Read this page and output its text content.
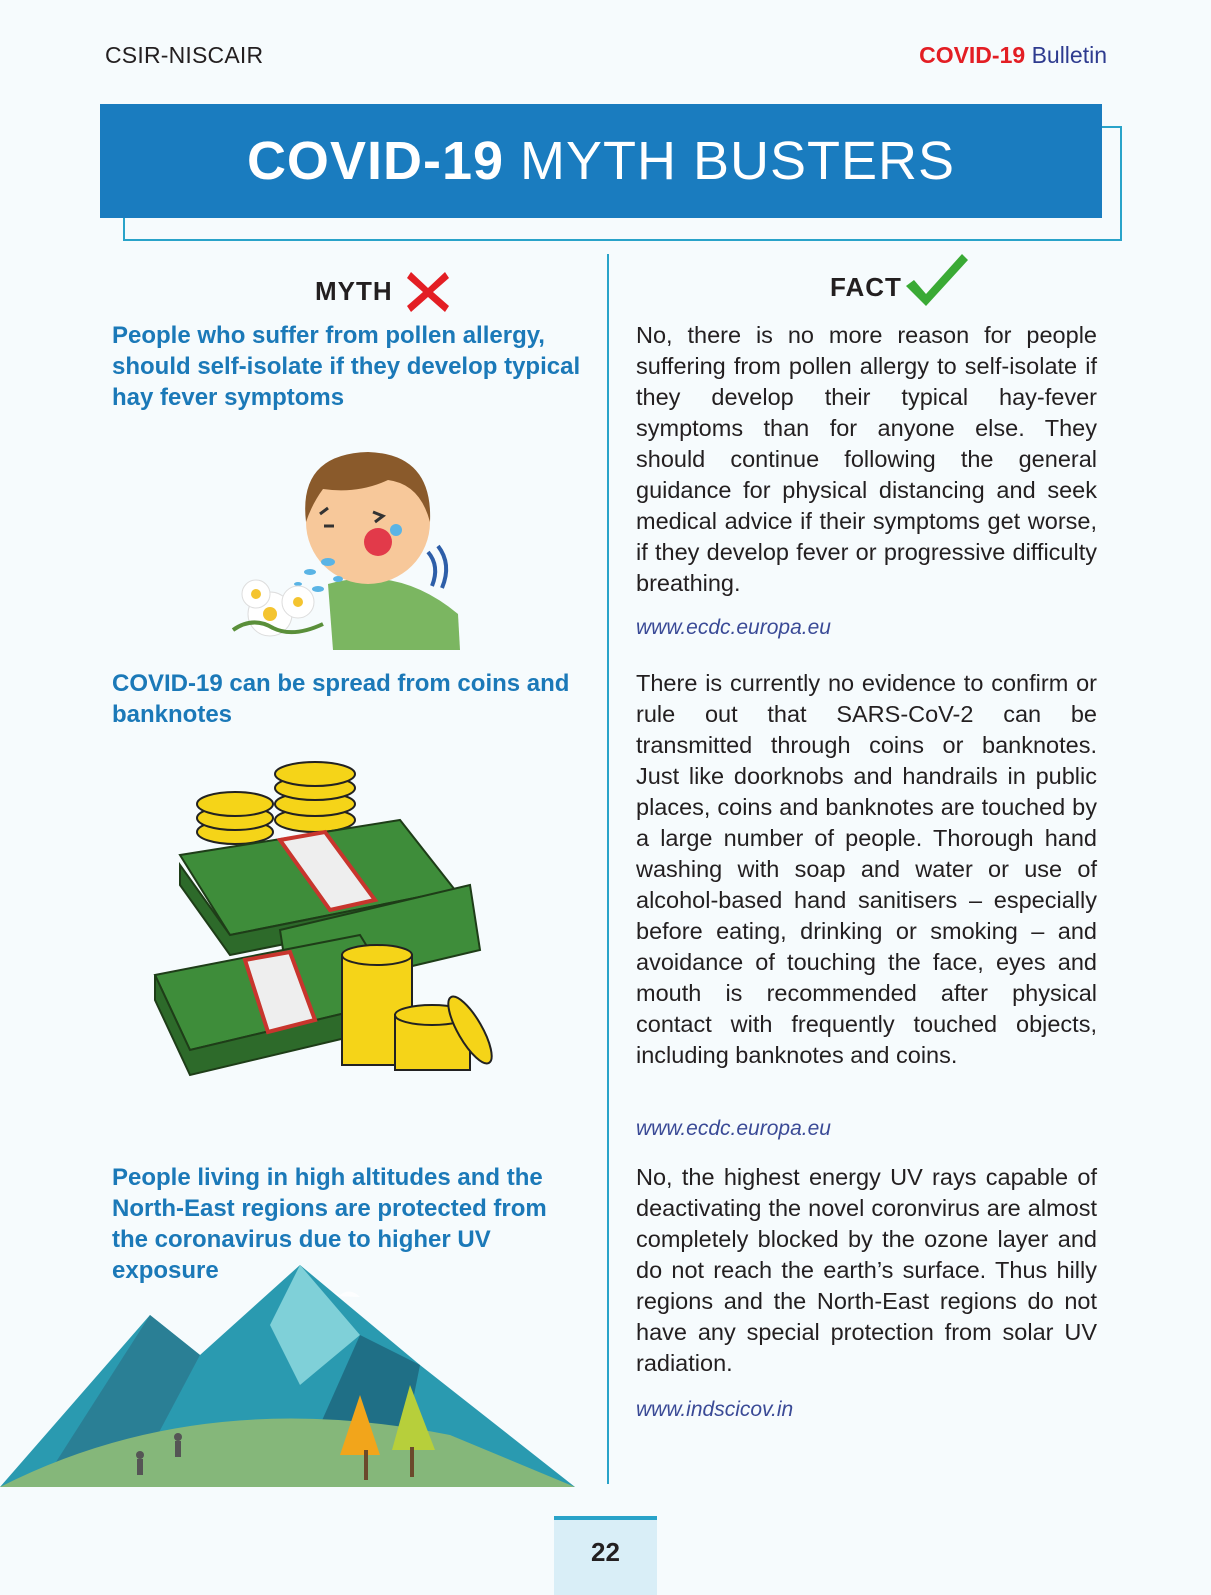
CSIR-NISCAIR	COVID-19 Bulletin
COVID-19 MYTH BUSTERS
MYTH	FACT
People who suffer from pollen allergy, should self-isolate if they develop typical hay fever symptoms
No, there is no more reason for people suffering from pollen allergy to self-isolate if they develop their typical hay-fever symptoms than for anyone else. They should continue following the general guidance for physical distancing and seek medical advice if their symptoms get worse, if they develop fever or progressive difficulty breathing.
www.ecdc.europa.eu
COVID-19 can be spread from coins and banknotes
There is currently no evidence to confirm or rule out that SARS-CoV-2 can be transmitted through coins or banknotes. Just like doorknobs and handrails in public places, coins and banknotes are touched by a large number of people. Thorough hand washing with soap and water or use of alcohol-based hand sanitisers – especially before eating, drinking or smoking – and avoidance of touching the face, eyes and mouth is recommended after physical contact with frequently touched objects, including banknotes and coins.
www.ecdc.europa.eu
People living in high altitudes and the North-East regions are protected from the coronavirus due to higher UV exposure
No, the highest energy UV rays capable of deactivating the novel coronvirus are almost completely blocked by the ozone layer and do not reach the earth’s surface. Thus hilly regions and the North-East regions do not have any special protection from solar UV radiation.
www.indscicov.in
22
